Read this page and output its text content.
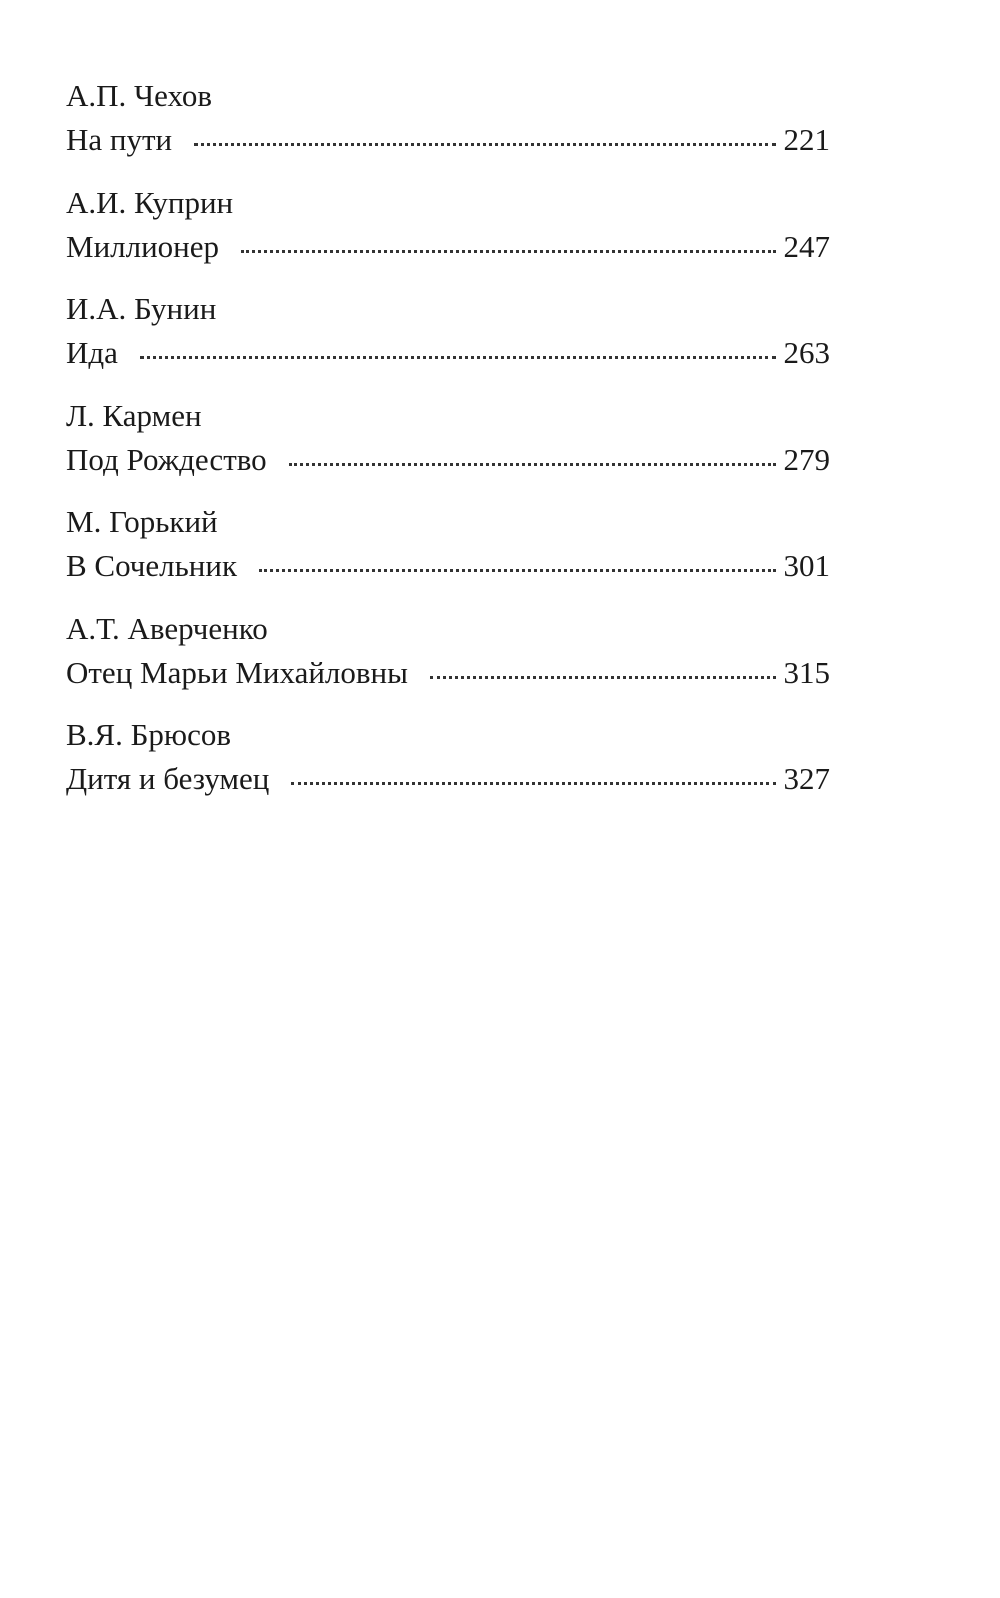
А.П. Чехов
На пути	221
А.И. Куприн
Миллионер	247
И.А. Бунин
Ида	263
Л. Кармен
Под Рождество	279
М. Горький
В Сочельник	301
А.Т. Аверченко
Отец Марьи Михайловны	315
В.Я. Брюсов
Дитя и безумец	327
